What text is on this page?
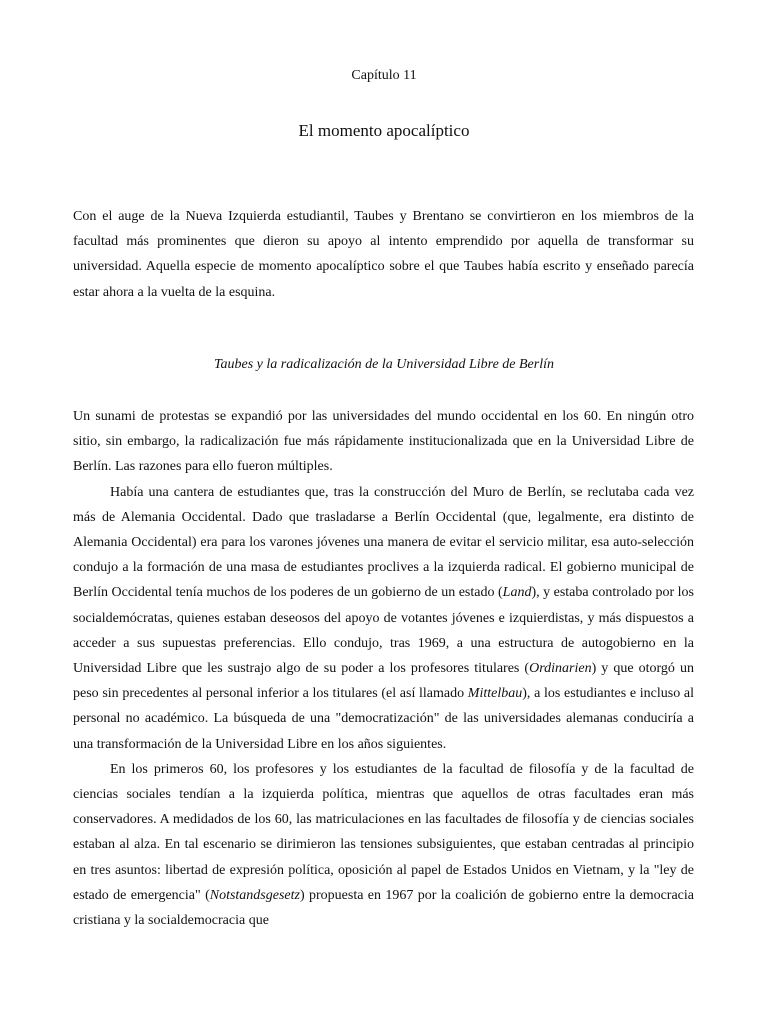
Capítulo 11
El momento apocalíptico

Con el auge de la Nueva Izquierda estudiantil, Taubes y Brentano se convirtieron en los miembros de la facultad más prominentes que dieron su apoyo al intento emprendido por aquella de transformar su universidad. Aquella especie de momento apocalíptico sobre el que Taubes había escrito y enseñado parecía estar ahora a la vuelta de la esquina.

Taubes y la radicalización de la Universidad Libre de Berlín

Un sunami de protestas se expandió por las universidades del mundo occidental en los 60. En ningún otro sitio, sin embargo, la radicalización fue más rápidamente institucionalizada que en la Universidad Libre de Berlín. Las razones para ello fueron múltiples.

Había una cantera de estudiantes que, tras la construcción del Muro de Berlín, se reclutaba cada vez más de Alemania Occidental. Dado que trasladarse a Berlín Occidental (que, legalmente, era distinto de Alemania Occidental) era para los varones jóvenes una manera de evitar el servicio militar, esa auto-selección condujo a la formación de una masa de estudiantes proclives a la izquierda radical. El gobierno municipal de Berlín Occidental tenía muchos de los poderes de un gobierno de un estado (Land), y estaba controlado por los socialdemócratas, quienes estaban deseosos del apoyo de votantes jóvenes e izquierdistas, y más dispuestos a acceder a sus supuestas preferencias. Ello condujo, tras 1969, a una estructura de autogobierno en la Universidad Libre que les sustrajo algo de su poder a los profesores titulares (Ordinarien) y que otorgó un peso sin precedentes al personal inferior a los titulares (el así llamado Mittelbau), a los estudiantes e incluso al personal no académico. La búsqueda de una "democratización" de las universidades alemanas conduciría a una transformación de la Universidad Libre en los años siguientes.

En los primeros 60, los profesores y los estudiantes de la facultad de filosofía y de la facultad de ciencias sociales tendían a la izquierda política, mientras que aquellos de otras facultades eran más conservadores. A medidados de los 60, las matriculaciones en las facultades de filosofía y de ciencias sociales estaban al alza. En tal escenario se dirimieron las tensiones subsiguientes, que estaban centradas al principio en tres asuntos: libertad de expresión política, oposición al papel de Estados Unidos en Vietnam, y la "ley de estado de emergencia" (Notstandsgesetz) propuesta en 1967 por la coalición de gobierno entre la democracia cristiana y la socialdemocracia que
